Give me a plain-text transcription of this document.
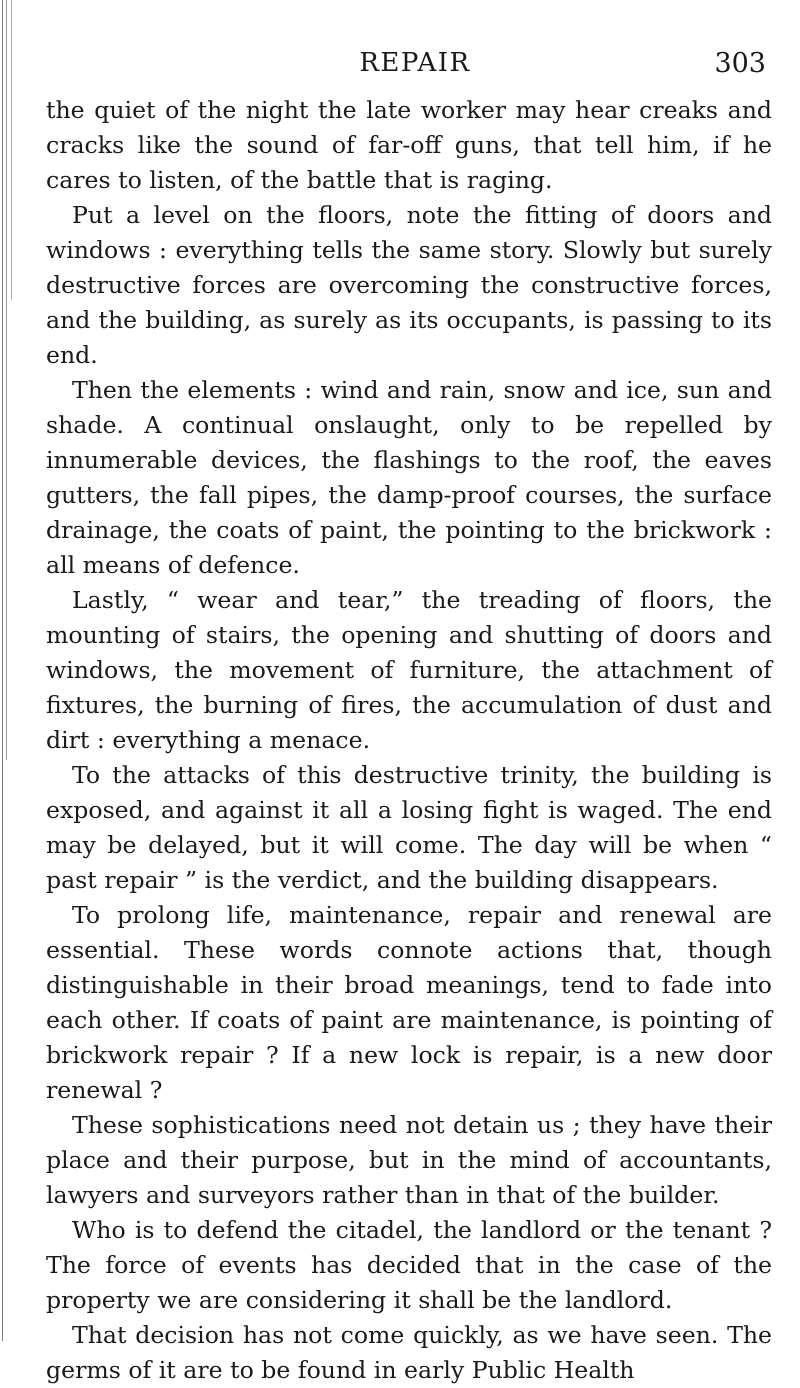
REPAIR	303

the quiet of the night the late worker may hear creaks and cracks like the sound of far-off guns, that tell him, if he cares to listen, of the battle that is raging.

Put a level on the floors, note the fitting of doors and windows : everything tells the same story. Slowly but surely destructive forces are overcoming the constructive forces, and the building, as surely as its occupants, is passing to its end.

Then the elements : wind and rain, snow and ice, sun and shade. A continual onslaught, only to be repelled by innumerable devices, the flashings to the roof, the eaves gutters, the fall pipes, the damp-proof courses, the surface drainage, the coats of paint, the pointing to the brickwork : all means of defence.

Lastly, “ wear and tear,” the treading of floors, the mounting of stairs, the opening and shutting of doors and windows, the movement of furniture, the attachment of fixtures, the burning of fires, the accumulation of dust and dirt : everything a menace.

To the attacks of this destructive trinity, the building is exposed, and against it all a losing fight is waged. The end may be delayed, but it will come. The day will be when “ past repair ” is the verdict, and the building disappears.

To prolong life, maintenance, repair and renewal are essential. These words connote actions that, though distinguishable in their broad meanings, tend to fade into each other. If coats of paint are maintenance, is pointing of brickwork repair ? If a new lock is repair, is a new door renewal ?

These sophistications need not detain us ; they have their place and their purpose, but in the mind of accountants, lawyers and surveyors rather than in that of the builder.

Who is to defend the citadel, the landlord or the tenant ? The force of events has decided that in the case of the property we are considering it shall be the landlord.

That decision has not come quickly, as we have seen. The germs of it are to be found in early Public Health
